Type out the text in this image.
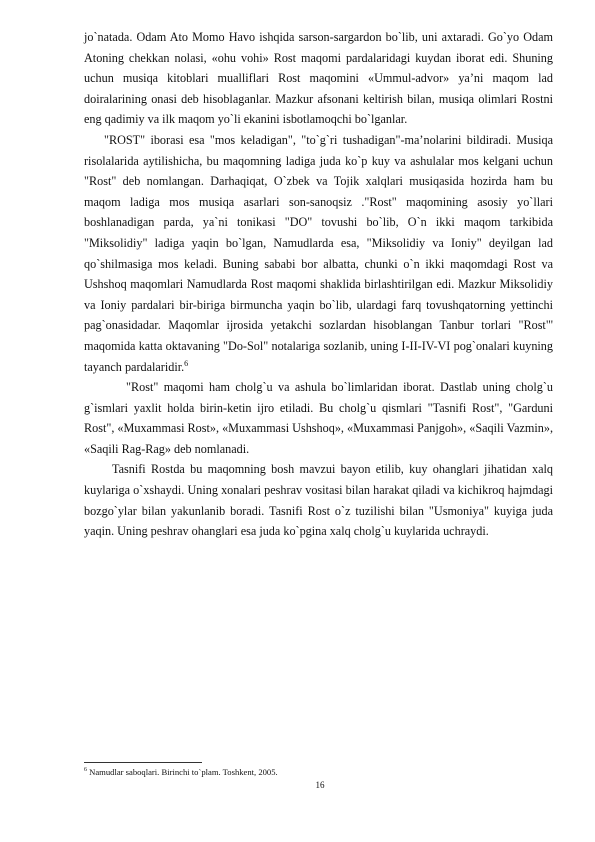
jo`natada. Odam Ato Momo Havo ishqida sarson-sargardon bo`lib, uni axtaradi. Go`yo Odam Atoning chekkan nolasi, «ohu vohi» Rost maqomi pardalaridagi kuydan iborat edi. Shuning uchun musiqa kitoblari mualliflari Rost maqomini «Ummul-advor» ya’ni maqom lad doiralarining onasi deb hisoblaganlar. Mazkur afsonani keltirish bilan, musiqa olimlari Rostni eng qadimiy va ilk maqom yo`li ekanini isbotlamoqchi bo`lganlar.

"ROST" iborasi esa "mos keladigan", "to`g`ri tushadigan"-ma’nolarini bildiradi. Musiqa risolalarida aytilishicha, bu maqomning ladiga juda ko`p kuy va ashulalar mos kelgani uchun "Rost" deb nomlangan. Darhaqiqat, O`zbek va Tojik xalqlari musiqasida hozirda ham bu maqom ladiga mos musiqa asarlari son-sanoqsiz ."Rost" maqomining asosiy yo`llari boshlanadigan parda, ya`ni tonikasi "DO" tovushi bo`lib, O`n ikki maqom tarkibida "Miksolidiy" ladiga yaqin bo`lgan, Namudlarda esa, "Miksolidiy va Ioniy" deyilgan lad qo`shilmasiga mos keladi. Buning sababi bor albatta, chunki o`n ikki maqomdagi Rost va Ushshoq maqomlari Namudlarda Rost maqomi shaklida birlashtirilgan edi. Mazkur Miksolidiy va Ioniy pardalari bir-biriga birmuncha yaqin bo`lib, ulardagi farq tovushqatorning yettinchi pag`onasidadar. Maqomlar ijrosida yetakchi sozlardan hisoblangan Tanbur torlari "Rost"' maqomida katta oktavaning "Do-Sol" notalariga sozlanib, uning I-II-IV-VI pog`onalari kuyning tayanch pardalaridir.$^6$

"Rost" maqomi ham cholg`u va ashula bo`limlaridan iborat. Dastlab uning cholg`u g`ismlari yaxlit holda birin-ketin ijro etiladi. Bu cholg`u qismlari "Tasnifi Rost", "Garduni Rost", «Muxammasi Rost», «Muxammasi Ushshoq», «Muxammasi Panjgoh», «Saqili Vazmin», «Saqili Rag-Rag» deb nomlanadi.

Tasnifi Rostda bu maqomning bosh mavzui bayon etilib, kuy ohanglari jihatidan xalq kuylariga o`xshaydi. Uning xonalari peshrav vositasi bilan harakat qiladi va kichikroq hajmdagi bozgo`ylar bilan yakunlanib boradi. Tasnifi Rost o`z tuzilishi bilan "Usmoniya" kuyiga juda yaqin. Uning peshrav ohanglari esa juda ko`pgina xalq cholg`u kuylarida uchraydi.

$^6$ Namudlar saboqlari. Birinchi to`plam. Toshkent, 2005.
16
